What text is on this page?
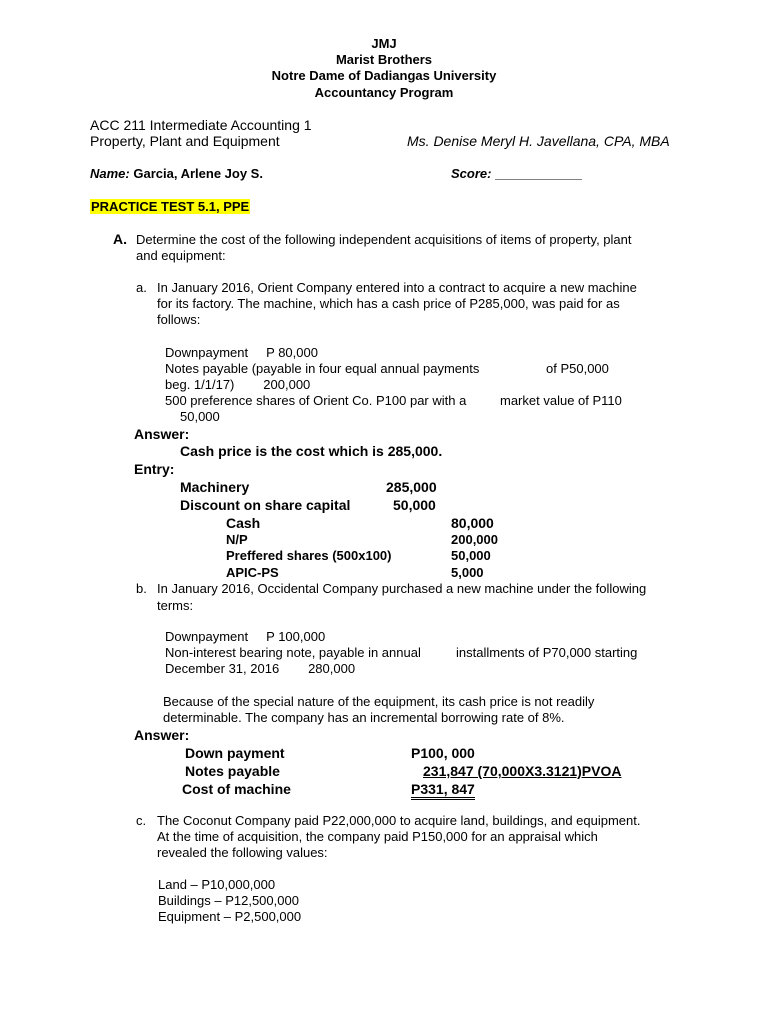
JMJ
Marist Brothers
Notre Dame of Dadiangas University
Accountancy Program
ACC 211 Intermediate Accounting 1
Property, Plant and Equipment	Ms. Denise Meryl H. Javellana, CPA, MBA
Name: Garcia, Arlene Joy S.	Score: ____________
PRACTICE TEST 5.1, PPE
A. Determine the cost of the following independent acquisitions of items of property, plant
and equipment:
a. In January 2016, Orient Company entered into a contract to acquire a new machine
for its factory. The machine, which has a cash price of P285,000, was paid for as
follows:
Downpayment     P 80,000
Notes payable (payable in four equal annual payments	of P50,000
beg. 1/1/17)        200,000
500 preference shares of Orient Co. P100 par with a	market value of P110
50,000
Answer:
Cash price is the cost which is 285,000.
Entry:
Machinery	285,000
Discount on share capital	50,000
Cash	80,000
N/P	200,000
Preffered shares (500x100)	50,000
APIC-PS	5,000
b. In January 2016, Occidental Company purchased a new machine under the following
terms:
Downpayment     P 100,000
Non-interest bearing note, payable in annual	installments of P70,000 starting
December 31, 2016        280,000
Because of the special nature of the equipment, its cash price is not readily
determinable. The company has an incremental borrowing rate of 8%.
Answer:
Down payment	P100, 000
Notes payable	231,847 (70,000X3.3121)PVOA
Cost of machine	P331, 847
c. The Coconut Company paid P22,000,000 to acquire land, buildings, and equipment.
At the time of acquisition, the company paid P150,000 for an appraisal which
revealed the following values:
Land – P10,000,000
Buildings – P12,500,000
Equipment – P2,500,000
